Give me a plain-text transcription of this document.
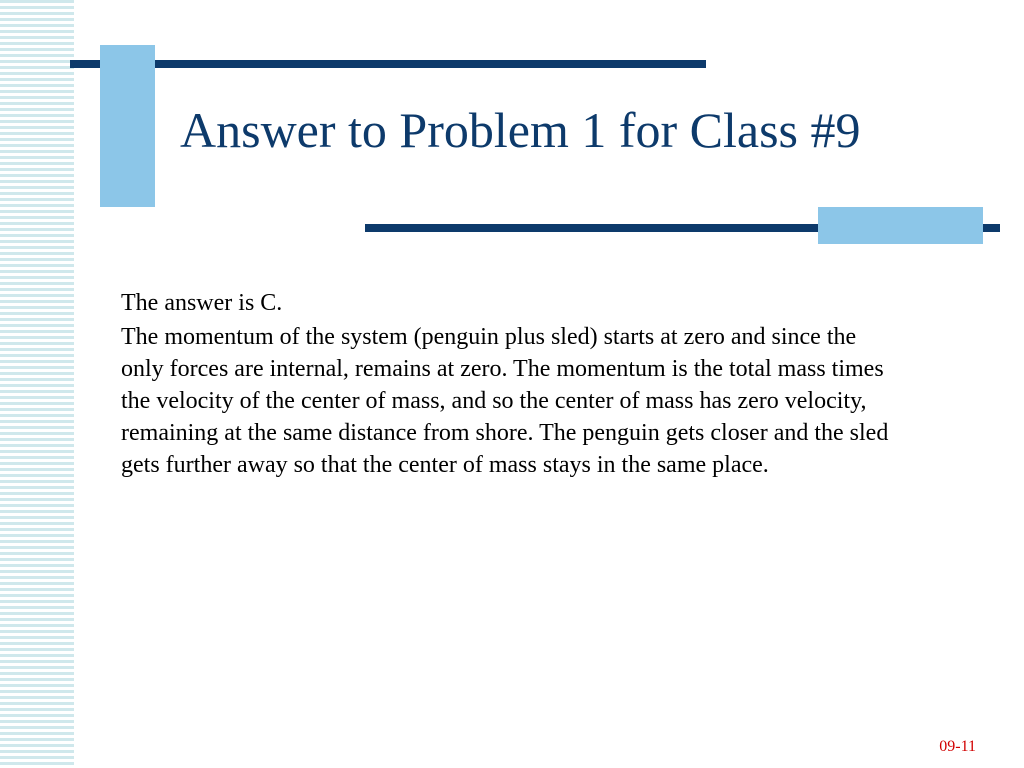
Answer to Problem 1 for Class #9

The answer is C.

The momentum of the system (penguin plus sled) starts at zero and since the only forces are internal, remains at zero. The momentum is the total mass times the velocity of the center of mass, and so the center of mass has zero velocity, remaining at the same distance from shore. The penguin gets closer and the sled gets further away so that the center of mass stays in the same place.

09-11
